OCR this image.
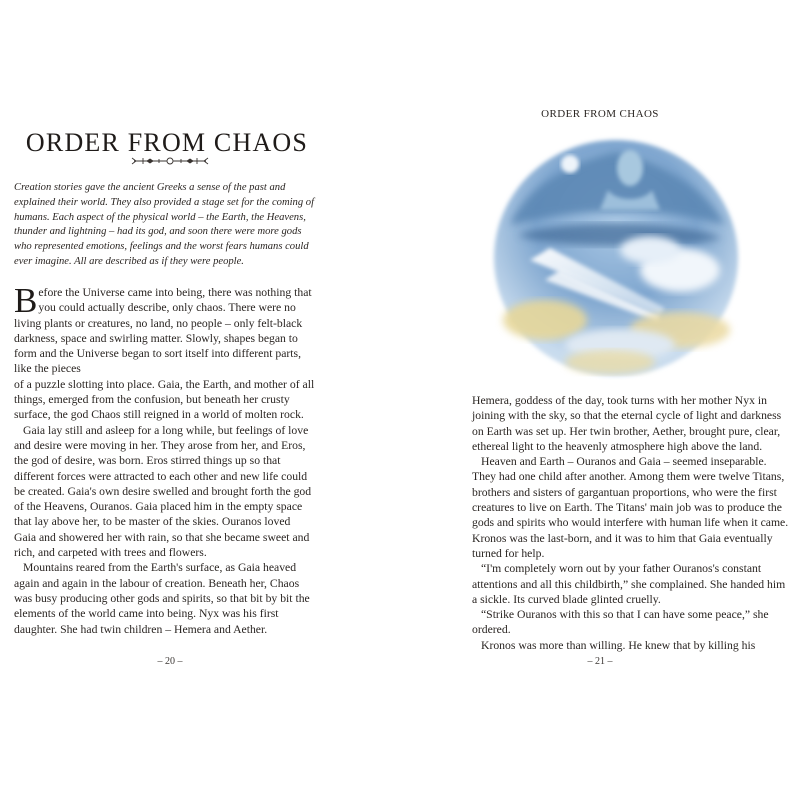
ORDER FROM CHAOS

Creation stories gave the ancient Greeks a sense of the past and explained their world. They also provided a stage set for the coming of humans. Each aspect of the physical world – the Earth, the Heavens, thunder and lightning – had its god, and soon there were more gods who represented emotions, feelings and the worst fears humans could ever imagine. All are described as if they were people.

Before the Universe came into being, there was nothing that you could actually describe, only chaos. There were no living plants or creatures, no land, no people – only felt-black darkness, space and swirling matter. Slowly, shapes began to form and the Universe began to sort itself into different parts, like the pieces

of a puzzle slotting into place. Gaia, the Earth, and mother of all things, emerged from the confusion, but beneath her crusty surface, the god Chaos still reigned in a world of molten rock.

Gaia lay still and asleep for a long while, but feelings of love and desire were moving in her. They arose from her, and Eros, the god of desire, was born. Eros stirred things up so that different forces were attracted to each other and new life could be created. Gaia's own desire swelled and brought forth the god of the Heavens, Ouranos. Gaia placed him in the empty space that lay above her, to be master of the skies. Ouranos loved

Gaia and showered her with rain, so that she became sweet and rich, and carpeted with trees and flowers.

Mountains reared from the Earth's surface, as Gaia heaved again and again in the labour of creation. Beneath her, Chaos was busy producing other gods and spirits, so that bit by bit the elements of the world came into being. Nyx was his first daughter. She had twin children – Hemera and Aether.

– 20 –
ORDER FROM CHAOS

Hemera, goddess of the day, took turns with her mother Nyx in joining with the sky, so that the eternal cycle of light and darkness on Earth was set up. Her twin brother, Aether, brought pure, clear, ethereal light to the heavenly atmosphere high above the land.

Heaven and Earth – Ouranos and Gaia – seemed inseparable. They had one child after another. Among them were twelve Titans, brothers and sisters of gargantuan proportions, who were the first creatures to live on Earth. The Titans' main job was to produce the gods and spirits who would interfere with human life when it came. Kronos was the last-born, and it was to him that Gaia eventually turned for help.

“I'm completely worn out by your father Ouranos's constant attentions and all this childbirth,” she complained. She handed him a sickle. Its curved blade glinted cruelly.

“Strike Ouranos with this so that I can have some peace,” she ordered.

Kronos was more than willing. He knew that by killing his

– 21 –
